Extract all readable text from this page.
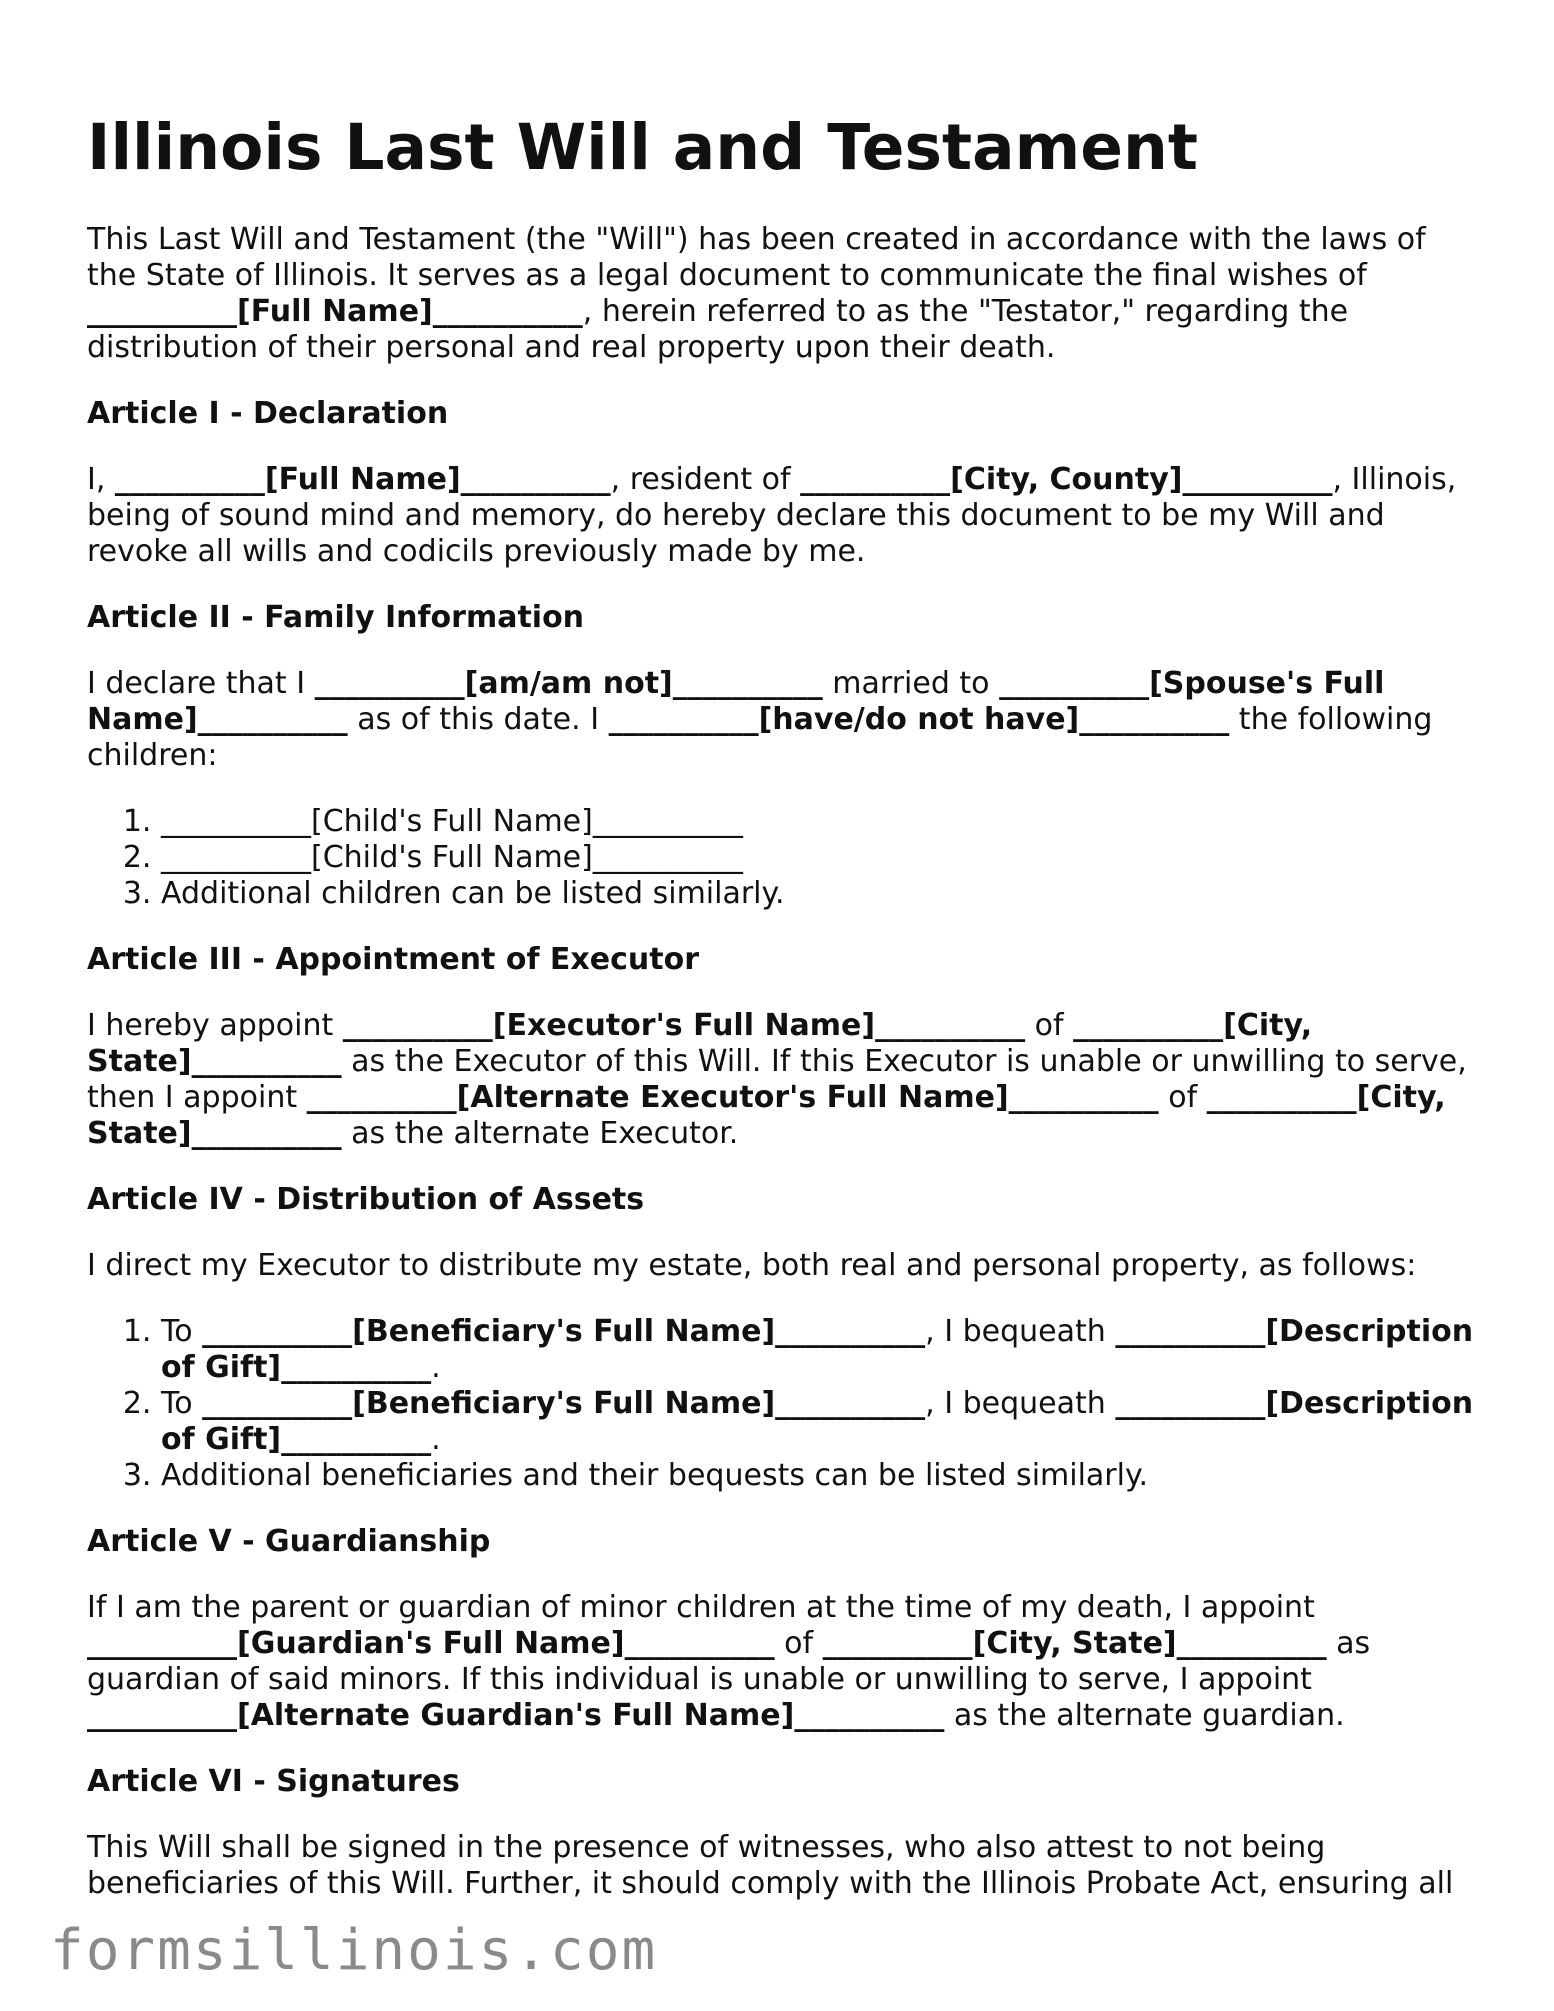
Illinois Last Will and Testament

This Last Will and Testament (the "Will") has been created in accordance with the laws of the State of Illinois. It serves as a legal document to communicate the final wishes of __________[Full Name]__________, herein referred to as the "Testator," regarding the distribution of their personal and real property upon their death.

Article I - Declaration

I, __________[Full Name]__________, resident of __________[City, County]__________, Illinois, being of sound mind and memory, do hereby declare this document to be my Will and revoke all wills and codicils previously made by me.

Article II - Family Information

I declare that I __________[am/am not]__________ married to __________[Spouse's Full Name]__________ as of this date. I __________[have/do not have]__________ the following children:

1. __________[Child's Full Name]__________
2. __________[Child's Full Name]__________
3. Additional children can be listed similarly.
Article III - Appointment of Executor

I hereby appoint __________[Executor's Full Name]__________ of __________[City, State]__________ as the Executor of this Will. If this Executor is unable or unwilling to serve, then I appoint __________[Alternate Executor's Full Name]__________ of __________[City, State]__________ as the alternate Executor.

Article IV - Distribution of Assets

I direct my Executor to distribute my estate, both real and personal property, as follows:

1. To __________[Beneficiary's Full Name]__________, I bequeath __________[Description of Gift]__________.
2. To __________[Beneficiary's Full Name]__________, I bequeath __________[Description of Gift]__________.
3. Additional beneficiaries and their bequests can be listed similarly.
Article V - Guardianship

If I am the parent or guardian of minor children at the time of my death, I appoint __________[Guardian's Full Name]__________ of __________[City, State]__________ as guardian of said minors. If this individual is unable or unwilling to serve, I appoint __________[Alternate Guardian's Full Name]__________ as the alternate guardian.

Article VI - Signatures

This Will shall be signed in the presence of witnesses, who also attest to not being beneficiaries of this Will. Further, it should comply with the Illinois Probate Act, ensuring all

formsillinois.com
